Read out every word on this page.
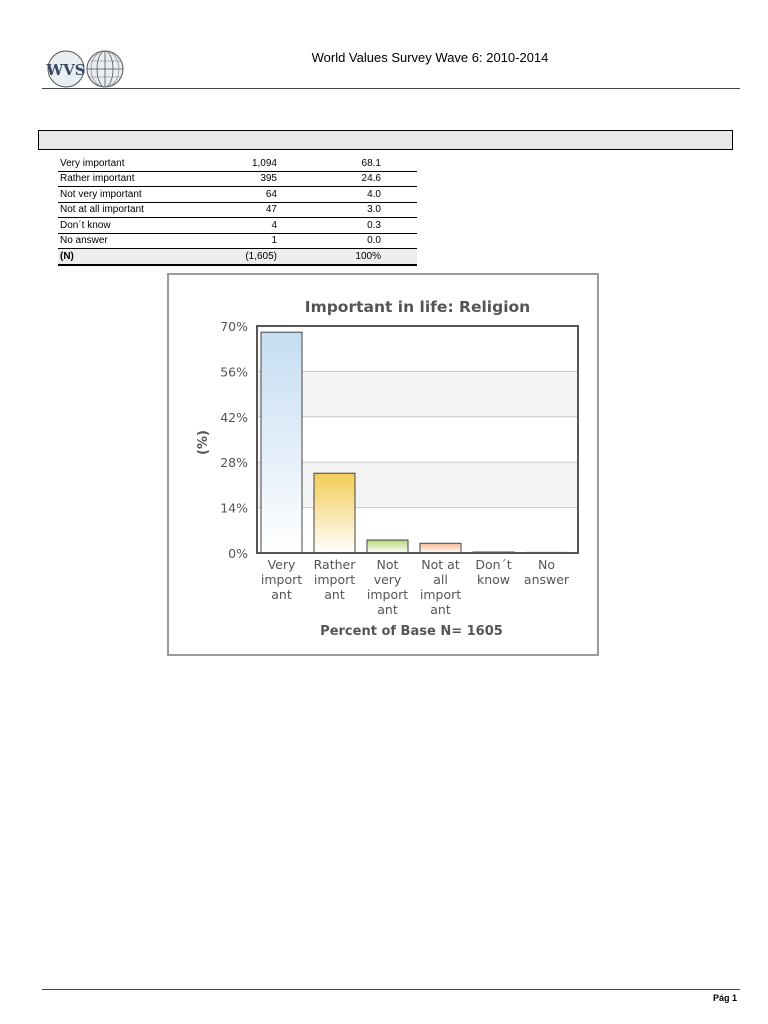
WVS
World Values Survey Wave 6: 2010-2014
Very important	1,094	68.1
Rather important	395	24.6
Not very important	64	4.0
Not at all important	47	3.0
Don´t know	4	0.3
No answer	1	0.0
(N)	(1,605)	100%
Important in life: Religion
0%
14%
28%
42%
56%
70%
Very import ant
Rather import ant
Not very import ant
Not at all import ant
Don´t know
No answer
(%)
Percent of Base N= 1605
Pág 1
